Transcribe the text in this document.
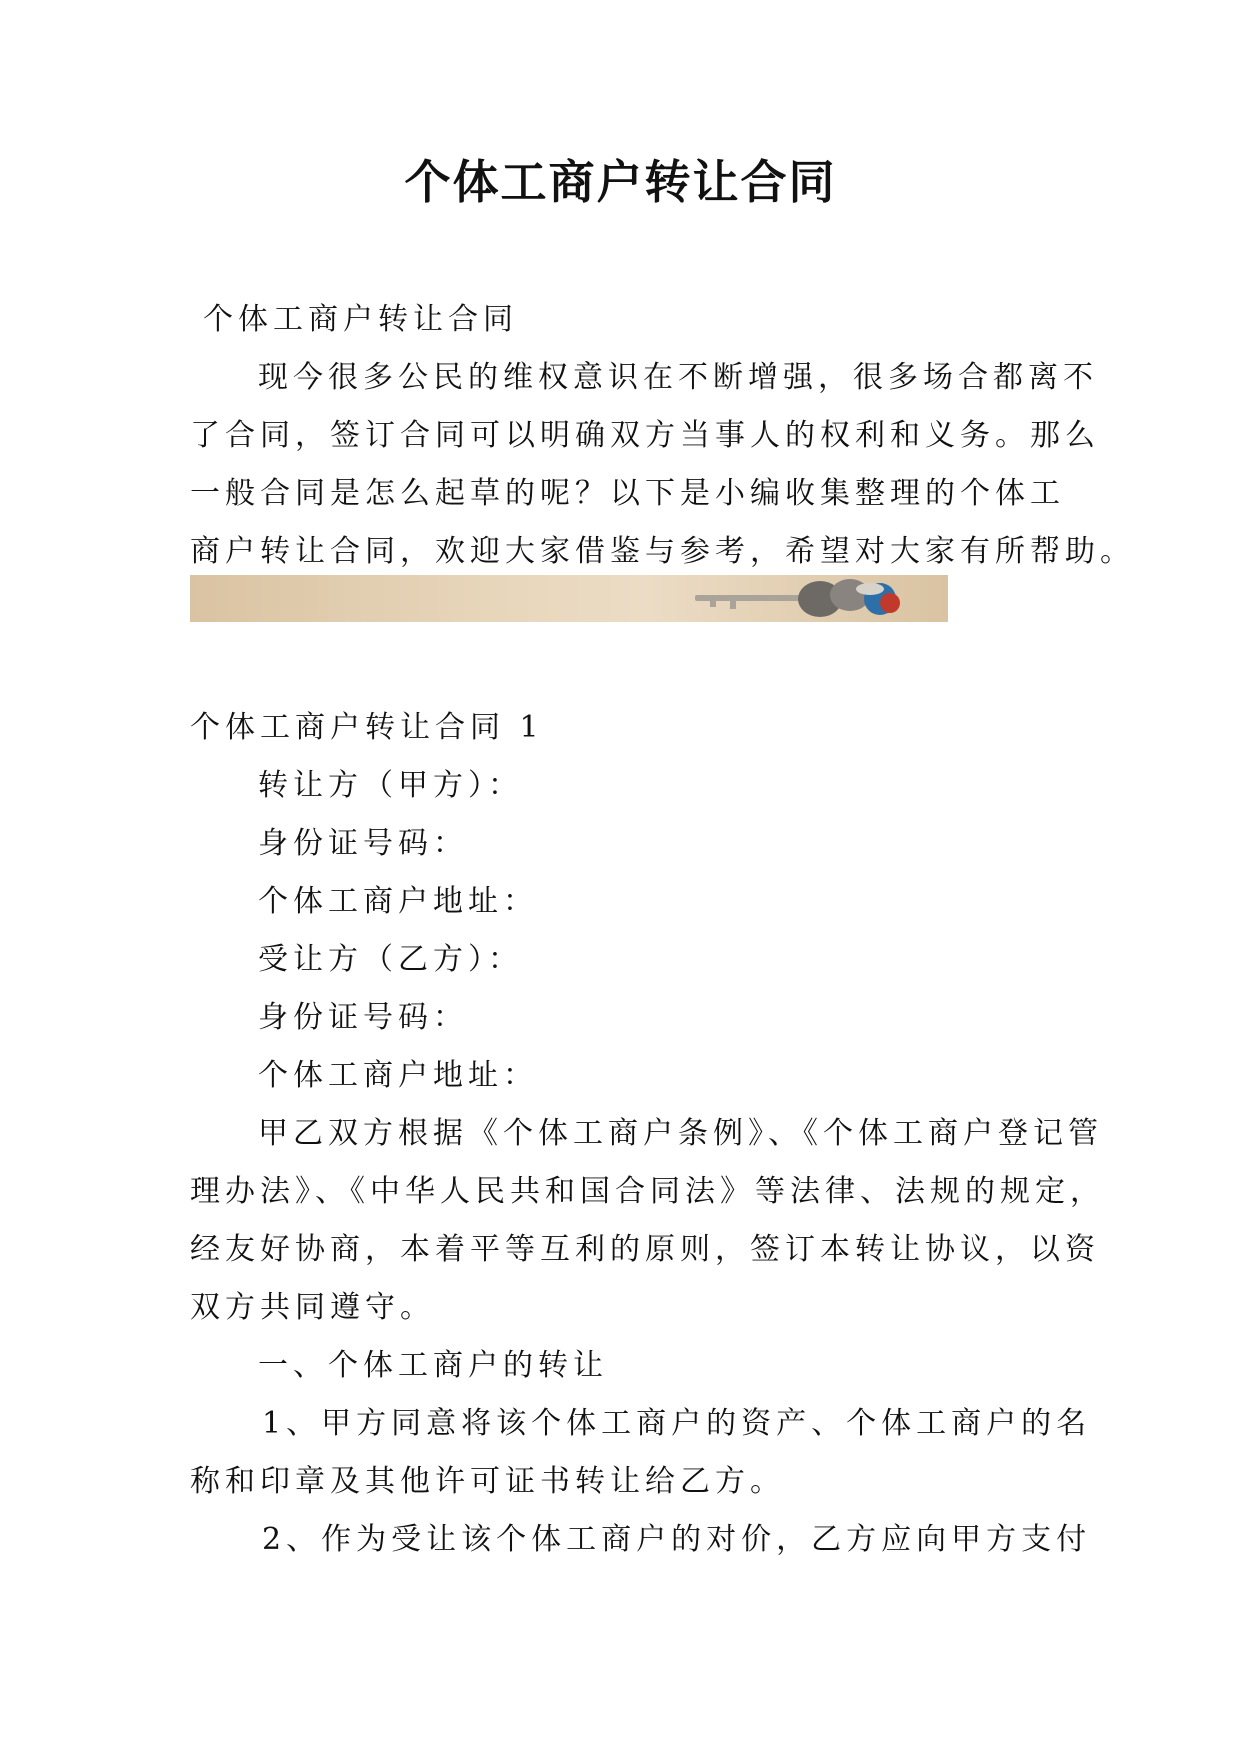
个体工商户转让合同
个体工商户转让合同
现今很多公民的维权意识在不断增强，很多场合都离不
了合同，签订合同可以明确双方当事人的权利和义务。那么
一般合同是怎么起草的呢？以下是小编收集整理的个体工
商户转让合同，欢迎大家借鉴与参考，希望对大家有所帮助。
个体工商户转让合同 1
转让方（甲方）：
身份证号码：
个体工商户地址：
受让方（乙方）：
身份证号码：
个体工商户地址：
甲乙双方根据《个体工商户条例》、《个体工商户登记管
理办法》、《中华人民共和国合同法》等法律、法规的规定，
经友好协商，本着平等互利的原则，签订本转让协议，以资
双方共同遵守。
一、个体工商户的转让
1、甲方同意将该个体工商户的资产、个体工商户的名
称和印章及其他许可证书转让给乙方。
2、作为受让该个体工商户的对价，乙方应向甲方支付
